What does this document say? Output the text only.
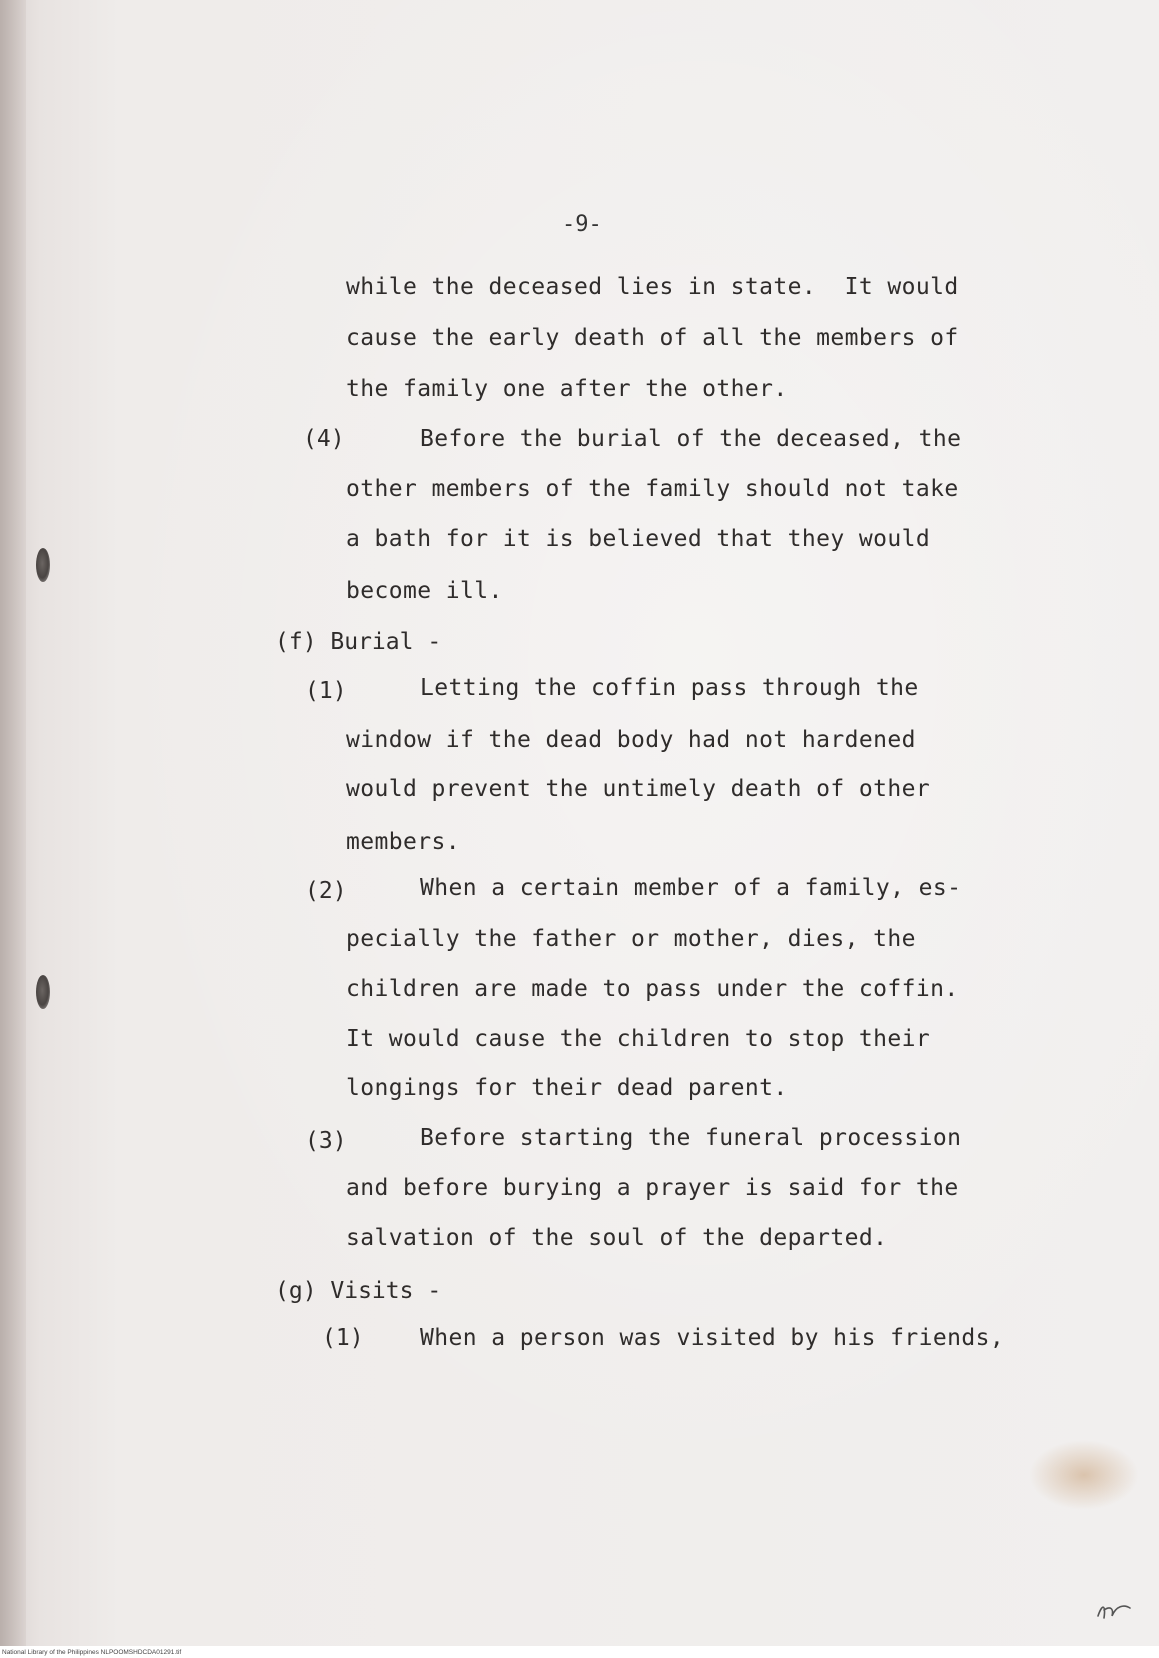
-9-
while the deceased lies in state.  It would
cause the early death of all the members of
the family one after the other.
(4)	Before the burial of the deceased, the
other members of the family should not take
a bath for it is believed that they would
become ill.
(f) Burial -
(1)	Letting the coffin pass through the
window if the dead body had not hardened
would prevent the untimely death of other
members.
(2)	When a certain member of a family, es-
pecially the father or mother, dies, the
children are made to pass under the coffin.
It would cause the children to stop their
longings for their dead parent.
(3)	Before starting the funeral procession
and before burying a prayer is said for the
salvation of the soul of the departed.
(g) Visits -
(1) When a person was visited by his friends,
National Library of the Philippines NLPOOMSHDCDA01291.tif
